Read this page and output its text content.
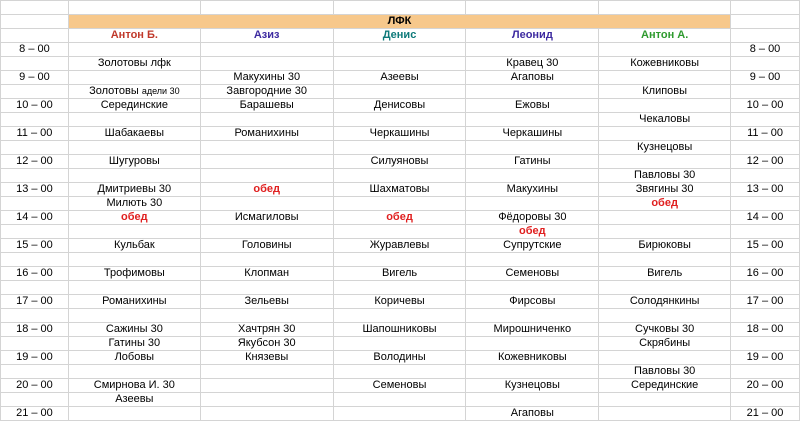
	ЛФК					
	Антон Б.	Азиз	Денис	Леонид	Антон А.	
8 – 00						8 – 00
	Золотовы лфк			Кравец 30	Кожевниковы	
9 – 00		Макухины 30	Азеевы	Агаповы		9 – 00
	Золотовы адели 30	Завгородние 30			Клиповы	
10 – 00	Серединские	Барашевы	Денисовы	Ежовы		10 – 00
					Чекаловы	
11 – 00	Шабакаевы	Романихины	Черкашины	Черкашины		11 – 00
					Кузнецовы	
12 – 00	Шугуровы		Силуяновы	Гатины		12 – 00
					Павловы 30	
13 – 00	Дмитриевы 30	обед	Шахматовы	Макухины	Звягины 30	13 – 00
	Милють 30				обед	
14 – 00	обед	Исмагиловы	обед	Фёдоровы 30		14 – 00
				обед		
15 – 00	Кульбак	Головины	Журавлевы	Супрутские	Бирюковы	15 – 00

16 – 00	Трофимовы	Клопман	Вигель	Семеновы	Вигель	16 – 00

17 – 00	Романихины	Зельевы	Коричевы	Фирсовы	Солодянкины	17 – 00

18 – 00	Сажины 30	Хачтрян 30	Шапошниковы	Мирошниченко	Сучковы 30	18 – 00
	Гатины 30	Якубсон 30			Скрябины	
19 – 00	Лобовы	Князевы	Володины	Кожевниковы		19 – 00
					Павловы 30	
20 – 00	Смирнова И. 30		Семеновы	Кузнецовы	Серединские	20 – 00
	Азеевы					
21 – 00				Агаповы		21 – 00
